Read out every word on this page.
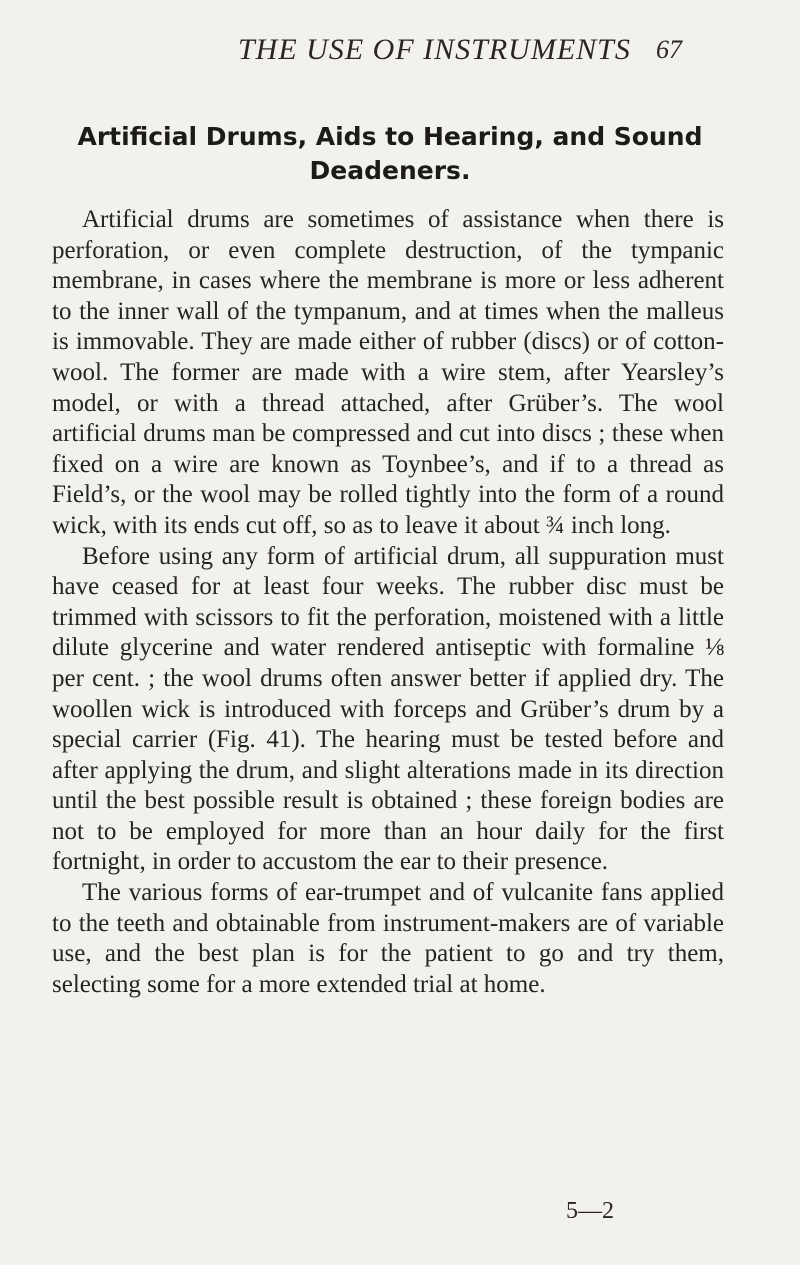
THE USE OF INSTRUMENTS 67
Artificial Drums, Aids to Hearing, and Sound
Deadeners.

Artificial drums are sometimes of assistance when there is perforation, or even complete destruction, of the tympanic membrane, in cases where the membrane is more or less adherent to the inner wall of the tympanum, and at times when the malleus is immovable. They are made either of rubber (discs) or of cotton-wool. The former are made with a wire stem, after Yearsley’s model, or with a thread attached, after Grüber’s. The wool artificial drums man be compressed and cut into discs ; these when fixed on a wire are known as Toynbee’s, and if to a thread as Field’s, or the wool may be rolled tightly into the form of a round wick, with its ends cut off, so as to leave it about ¾ inch long.

Before using any form of artificial drum, all suppuration must have ceased for at least four weeks. The rubber disc must be trimmed with scissors to fit the perforation, moistened with a little dilute glycerine and water rendered antiseptic with formaline ⅛ per cent. ; the wool drums often answer better if applied dry. The woollen wick is introduced with forceps and Grüber’s drum by a special carrier (Fig. 41). The hearing must be tested before and after applying the drum, and slight alterations made in its direction until the best possible result is obtained ; these foreign bodies are not to be employed for more than an hour daily for the first fortnight, in order to accustom the ear to their presence.

The various forms of ear-trumpet and of vulcanite fans applied to the teeth and obtainable from instrument-makers are of variable use, and the best plan is for the patient to go and try them, selecting some for a more extended trial at home.

5—2
